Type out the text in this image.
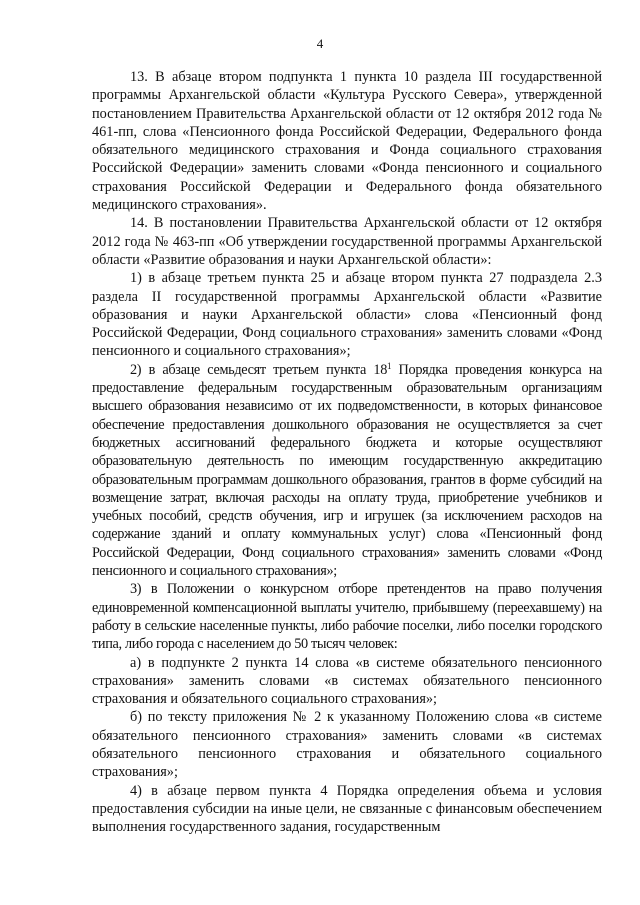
4

13. В абзаце втором подпункта 1 пункта 10 раздела III государственной программы Архангельской области «Культура Русского Севера», утвержденной постановлением Правительства Архангельской области от 12 октября 2012 года № 461-пп, слова «Пенсионного фонда Российской Федерации, Федерального фонда обязательного медицинского страхования и Фонда социального страхования Российской Федерации» заменить словами «Фонда пенсионного и социального страхования Российской Федерации и Федерального фонда обязательного медицинского страхования».

14. В постановлении Правительства Архангельской области от 12 октября 2012 года № 463-пп «Об утверждении государственной программы Архангельской области «Развитие образования и науки Архангельской области»:

1) в абзаце третьем пункта 25 и абзаце втором пункта 27 подраздела 2.3 раздела II государственной программы Архангельской области «Развитие образования и науки Архангельской области» слова «Пенсионный фонд Российской Федерации, Фонд социального страхования» заменить словами «Фонд пенсионного и социального страхования»;

2) в абзаце семьдесят третьем пункта $18^1$ Порядка проведения конкурса на предоставление федеральным государственным образовательным организациям высшего образования независимо от их подведомственности, в которых финансовое обеспечение предоставления дошкольного образования не осуществляется за счет бюджетных ассигнований федерального бюджета и которые осуществляют образовательную деятельность по имеющим государственную аккредитацию образовательным программам дошкольного образования, грантов в форме субсидий на возмещение затрат, включая расходы на оплату труда, приобретение учебников и учебных пособий, средств обучения, игр и игрушек (за исключением расходов на содержание зданий и оплату коммунальных услуг) слова «Пенсионный фонд Российской Федерации, Фонд социального страхования» заменить словами «Фонд пенсионного и социального страхования»;

3) в Положении о конкурсном отборе претендентов на право получения единовременной компенсационной выплаты учителю, прибывшему (переехавшему) на работу в сельские населенные пункты, либо рабочие поселки, либо поселки городского типа, либо города с населением до 50 тысяч человек:

а) в подпункте 2 пункта 14 слова «в системе обязательного пенсионного страхования» заменить словами «в системах обязательного пенсионного страхования и обязательного социального страхования»;

б) по тексту приложения № 2 к указанному Положению слова «в системе обязательного пенсионного страхования» заменить словами «в системах обязательного пенсионного страхования и обязательного социального страхования»;

4) в абзаце первом пункта 4 Порядка определения объема и условия предоставления субсидии на иные цели, не связанные с финансовым обеспечением выполнения государственного задания, государственным
